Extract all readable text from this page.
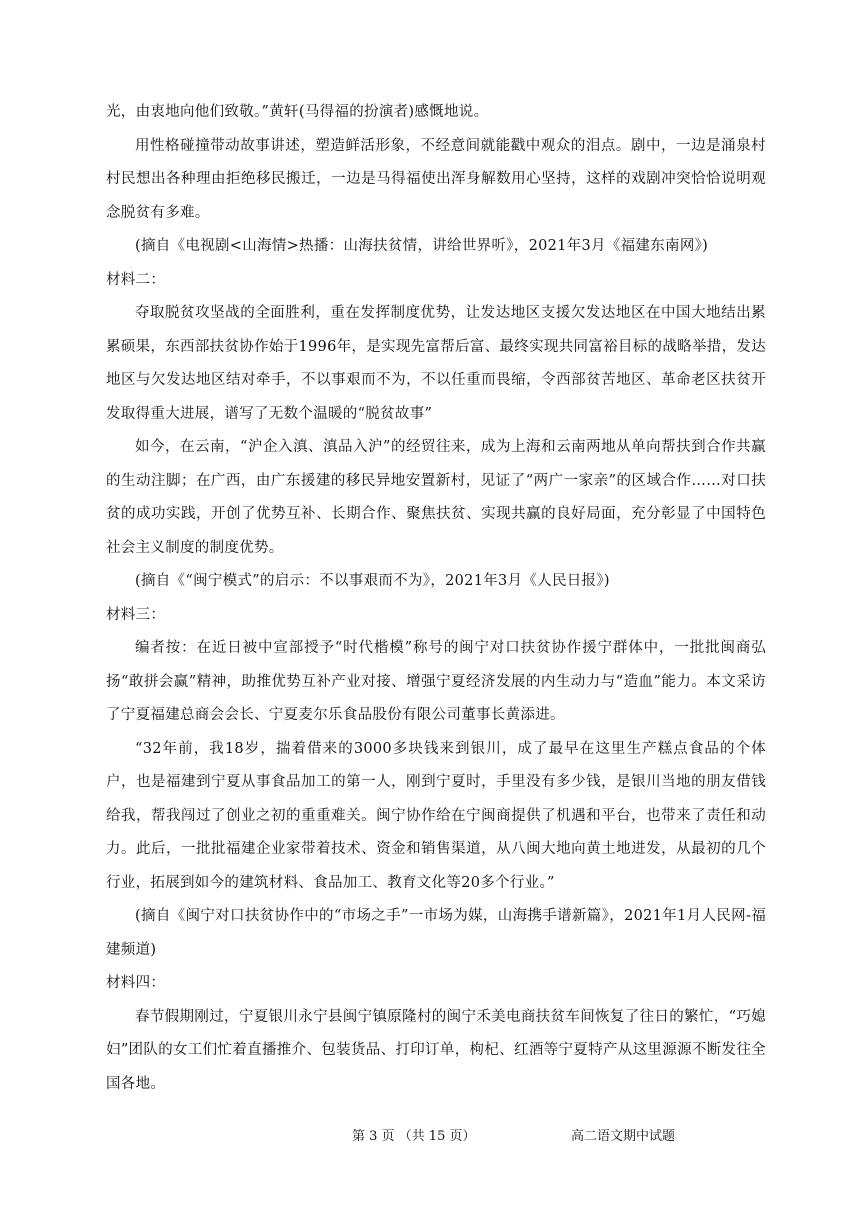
光，由衷地向他们致敬。”黄轩(马得福的扮演者)感慨地说。

用性格碰撞带动故事讲述，塑造鲜活形象，不经意间就能戳中观众的泪点。剧中，一边是涌泉村村民想出各种理由拒绝移民搬迁，一边是马得福使出浑身解数用心坚持，这样的戏剧冲突恰恰说明观念脱贫有多难。

(摘自《电视剧<山海情>热播：山海扶贫情，讲给世界听》，2021年3月《福建东南网》)

材料二：

夺取脱贫攻坚战的全面胜利，重在发挥制度优势，让发达地区支援欠发达地区在中国大地结出累累硕果，东西部扶贫协作始于1996年，是实现先富帮后富、最终实现共同富裕目标的战略举措，发达地区与欠发达地区结对牵手，不以事艰而不为，不以任重而畏缩，令西部贫苦地区、革命老区扶贫开发取得重大进展，谱写了无数个温暖的“脱贫故事”

如今，在云南，“沪企入滇、滇品入沪”的经贸往来，成为上海和云南两地从单向帮扶到合作共赢的生动注脚；在广西，由广东援建的移民异地安置新村，见证了“两广一家亲”的区域合作……对口扶贫的成功实践，开创了优势互补、长期合作、聚焦扶贫、实现共赢的良好局面，充分彰显了中国特色社会主义制度的制度优势。

(摘自《“闽宁模式”的启示：不以事艰而不为》，2021年3月《人民日报》)

材料三：

编者按：在近日被中宣部授予“时代楷模”称号的闽宁对口扶贫协作援宁群体中，一批批闽商弘扬“敢拼会赢”精神，助推优势互补产业对接、增强宁夏经济发展的内生动力与“造血”能力。本文采访了宁夏福建总商会会长、宁夏麦尔乐食品股份有限公司董事长黄添进。

“32年前，我18岁，揣着借来的3000多块钱来到银川，成了最早在这里生产糕点食品的个体户，也是福建到宁夏从事食品加工的第一人，刚到宁夏时，手里没有多少钱，是银川当地的朋友借钱给我，帮我闯过了创业之初的重重难关。闽宁协作给在宁闽商提供了机遇和平台，也带来了责任和动力。此后，一批批福建企业家带着技术、资金和销售渠道，从八闽大地向黄土地进发，从最初的几个行业，拓展到如今的建筑材料、食品加工、教育文化等20多个行业。”

(摘自《闽宁对口扶贫协作中的“市场之手”一市场为媒，山海携手谱新篇》，2021年1月人民网-福建频道)

材料四：

春节假期刚过，宁夏银川永宁县闽宁镇原隆村的闽宁禾美电商扶贫车间恢复了往日的繁忙，“巧媳妇”团队的女工们忙着直播推介、包装货品、打印订单，枸杞、红酒等宁夏特产从这里源源不断发往全国各地。

第 3 页 （共 15 页）	高二语文期中试题
